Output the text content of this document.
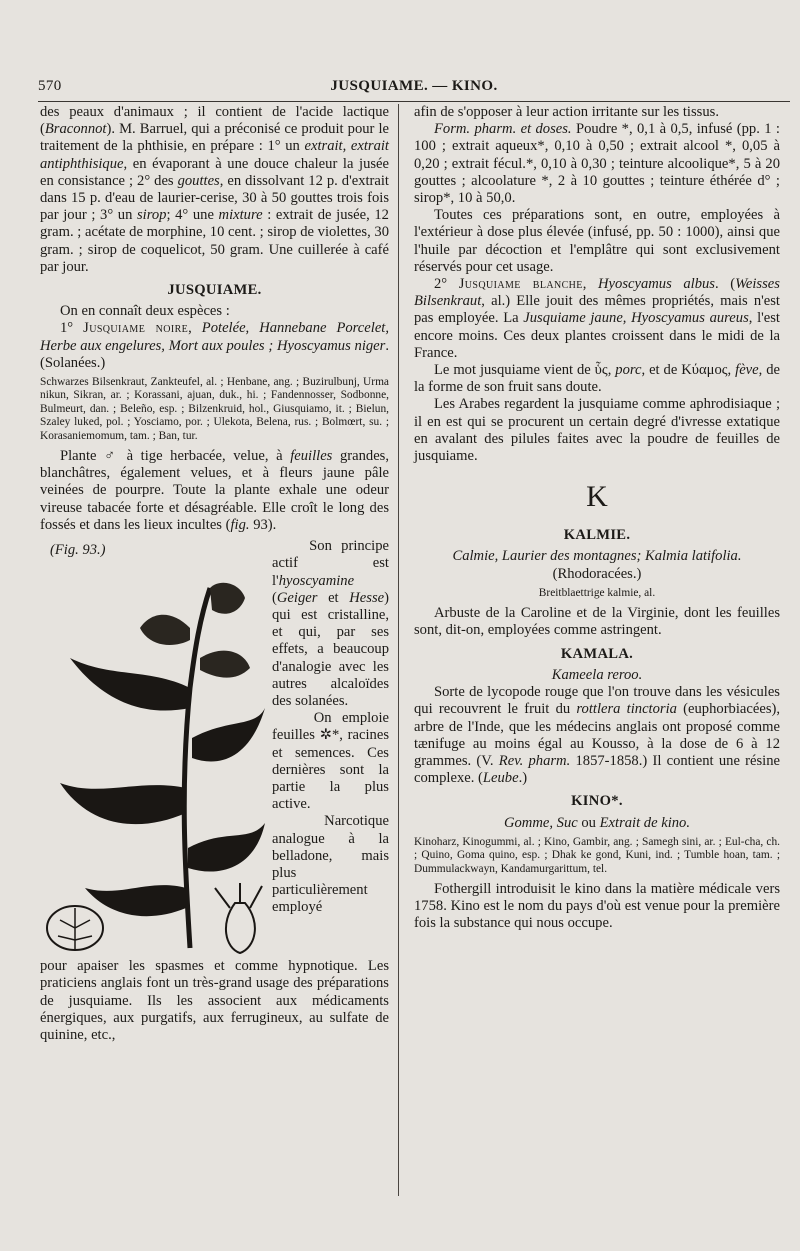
570	JUSQUIAME. — KINO.

des peaux d'animaux ; il contient de l'acide lactique (Braconnot). M. Barruel, qui a préconisé ce produit pour le traitement de la phthisie, en prépare : 1° un extrait, extrait antiphthisique, en évaporant à une douce chaleur la jusée en consistance ; 2° des gouttes, en dissolvant 12 p. d'extrait dans 15 p. d'eau de laurier-cerise, 30 à 50 gouttes trois fois par jour ; 3° un sirop; 4° une mixture : extrait de jusée, 12 gram. ; acétate de morphine, 10 cent. ; sirop de violettes, 30 gram. ; sirop de coquelicot, 50 gram. Une cuillerée à café par jour.

JUSQUIAME.

On en connaît deux espèces :

1° Jusquiame noire, Potelée, Hannebane Porcelet, Herbe aux engelures, Mort aux poules ; Hyoscyamus niger. (Solanées.)

Schwarzes Bilsenkraut, Zankteufel, al. ; Henbane, ang. ; Buzirulbunj, Urma nikun, Sikran, ar. ; Korassani, ajuan, duk., hi. ; Fandennosser, Sodbonne, Bulmeurt, dan. ; Beleño, esp. ; Bilzenkruid, hol., Giusquiamo, it. ; Bielun, Szaley luked, pol. ; Yosciamo, por. ; Ulekota, Belena, rus. ; Bolmœrt, su. ; Korasaniemomum, tam. ; Ban, tur.

Plante ♂ à tige herbacée, velue, à feuilles grandes, blanchâtres, également velues, et à fleurs jaune pâle veinées de pourpre. Toute la plante exhale une odeur vireuse tabacée forte et désagréable. Elle croît le long des fossés et dans les lieux incultes (fig. 93).

(Fig. 93.)	Son principe actif est l'hyoscyamine (Geiger et Hesse) qui est cristalline, et qui, par ses effets, a beaucoup d'analogie avec les autres alcaloïdes des solanées.

On emploie feuilles ✲*, racines et semences. Ces dernières sont la partie la plus active.

Narcotique analogue à la belladone, mais plus particulièrement employé

pour apaiser les spasmes et comme hypnotique. Les praticiens anglais font un très-grand usage des préparations de jusquiame. Ils les associent aux médicaments énergiques, aux purgatifs, aux ferrugineux, au sulfate de quinine, etc.,

afin de s'opposer à leur action irritante sur les tissus.

Form. pharm. et doses. Poudre *, 0,1 à 0,5, infusé (pp. 1 : 100 ; extrait aqueux*, 0,10 à 0,50 ; extrait alcool *, 0,05 à 0,20 ; extrait fécul.*, 0,10 à 0,30 ; teinture alcoolique*, 5 à 20 gouttes ; alcoolature *, 2 à 10 gouttes ; teinture éthérée d° ; sirop*, 10 à 50,0.

Toutes ces préparations sont, en outre, employées à l'extérieur à dose plus élevée (infusé, pp. 50 : 1000), ainsi que l'huile par décoction et l'emplâtre qui sont exclusivement réservés pour cet usage.

2° Jusquiame blanche, Hyoscyamus albus. (Weisses Bilsenkraut, al.) Elle jouit des mêmes propriétés, mais n'est pas employée. La Jusquiame jaune, Hyoscyamus aureus, l'est encore moins. Ces deux plantes croissent dans le midi de la France.

Le mot jusquiame vient de ὗς, porc, et de Κύαμος, fève, de la forme de son fruit sans doute.

Les Arabes regardent la jusquiame comme aphrodisiaque ; il en est qui se procurent un certain degré d'ivresse extatique en avalant des pilules faites avec la poudre de feuilles de jusquiame.

K
KALMIE.

Calmie, Laurier des montagnes; Kalmia latifolia. (Rhodoracées.)

Breitblaettrige kalmie, al.

Arbuste de la Caroline et de la Virginie, dont les feuilles sont, dit-on, employées comme astringent.

KAMALA.

Kameela reroo.

Sorte de lycopode rouge que l'on trouve dans les vésicules qui recouvrent le fruit du rottlera tinctoria (euphorbiacées), arbre de l'Inde, que les médecins anglais ont proposé comme tænifuge au moins égal au Kousso, à la dose de 6 à 12 grammes. (V. Rev. pharm. 1857-1858.) Il contient une résine complexe. (Leube.)

KINO*.

Gomme, Suc ou Extrait de kino.

Kinoharz, Kinogummi, al. ; Kino, Gambir, ang. ; Samegh sini, ar. ; Eul-cha, ch. ; Quino, Goma quino, esp. ; Dhak ke gond, Kuni, ind. ; Tumble hoan, tam. ; Dummulackwayn, Kandamurgarittum, tel.

Fothergill introduisit le kino dans la matière médicale vers 1758. Kino est le nom du pays d'où est venue pour la première fois la substance qui nous occupe.
